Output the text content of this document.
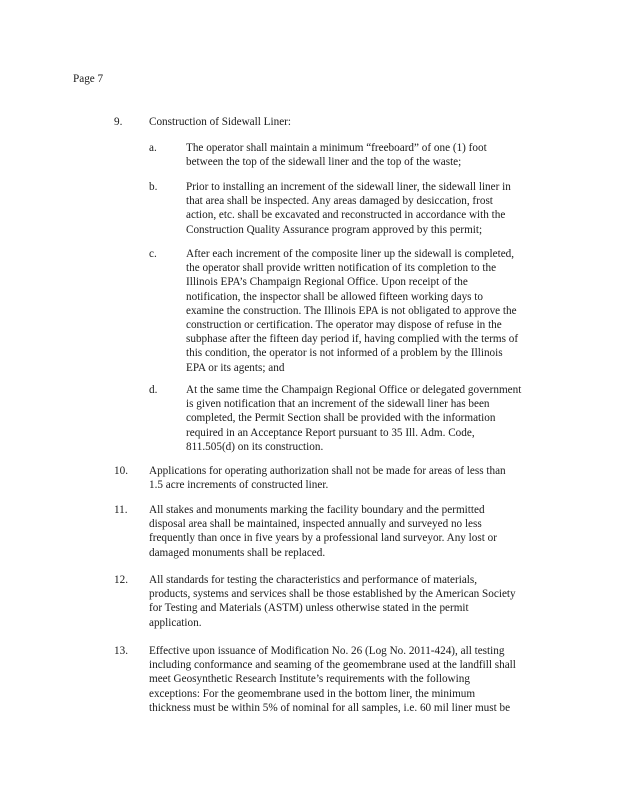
Page 7
9. Construction of Sidewall Liner:
a.	The operator shall maintain a minimum “freeboard” of one (1) foot
between the top of the sidewall liner and the top of the waste;
b.	Prior to installing an increment of the sidewall liner, the sidewall liner in
that area shall be inspected. Any areas damaged by desiccation, frost
action, etc. shall be excavated and reconstructed in accordance with the
Construction Quality Assurance program approved by this permit;
c.	After each increment of the composite liner up the sidewall is completed,
the operator shall provide written notification of its completion to the
Illinois EPA’s Champaign Regional Office. Upon receipt of the
notification, the inspector shall be allowed fifteen working days to
examine the construction. The Illinois EPA is not obligated to approve the
construction or certification. The operator may dispose of refuse in the
subphase after the fifteen day period if, having complied with the terms of
this condition, the operator is not informed of a problem by the Illinois
EPA or its agents; and
d.	At the same time the Champaign Regional Office or delegated government
is given notification that an increment of the sidewall liner has been
completed, the Permit Section shall be provided with the information
required in an Acceptance Report pursuant to 35 Ill. Adm. Code,
811.505(d) on its construction.
10. Applications for operating authorization shall not be made for areas of less than
1.5 acre increments of constructed liner.
11. All stakes and monuments marking the facility boundary and the permitted
disposal area shall be maintained, inspected annually and surveyed no less
frequently than once in five years by a professional land surveyor. Any lost or
damaged monuments shall be replaced.
12. All standards for testing the characteristics and performance of materials,
products, systems and services shall be those established by the American Society
for Testing and Materials (ASTM) unless otherwise stated in the permit
application.
13. Effective upon issuance of Modification No. 26 (Log No. 2011-424), all testing
including conformance and seaming of the geomembrane used at the landfill shall
meet Geosynthetic Research Institute’s requirements with the following
exceptions: For the geomembrane used in the bottom liner, the minimum
thickness must be within 5% of nominal for all samples, i.e. 60 mil liner must be
